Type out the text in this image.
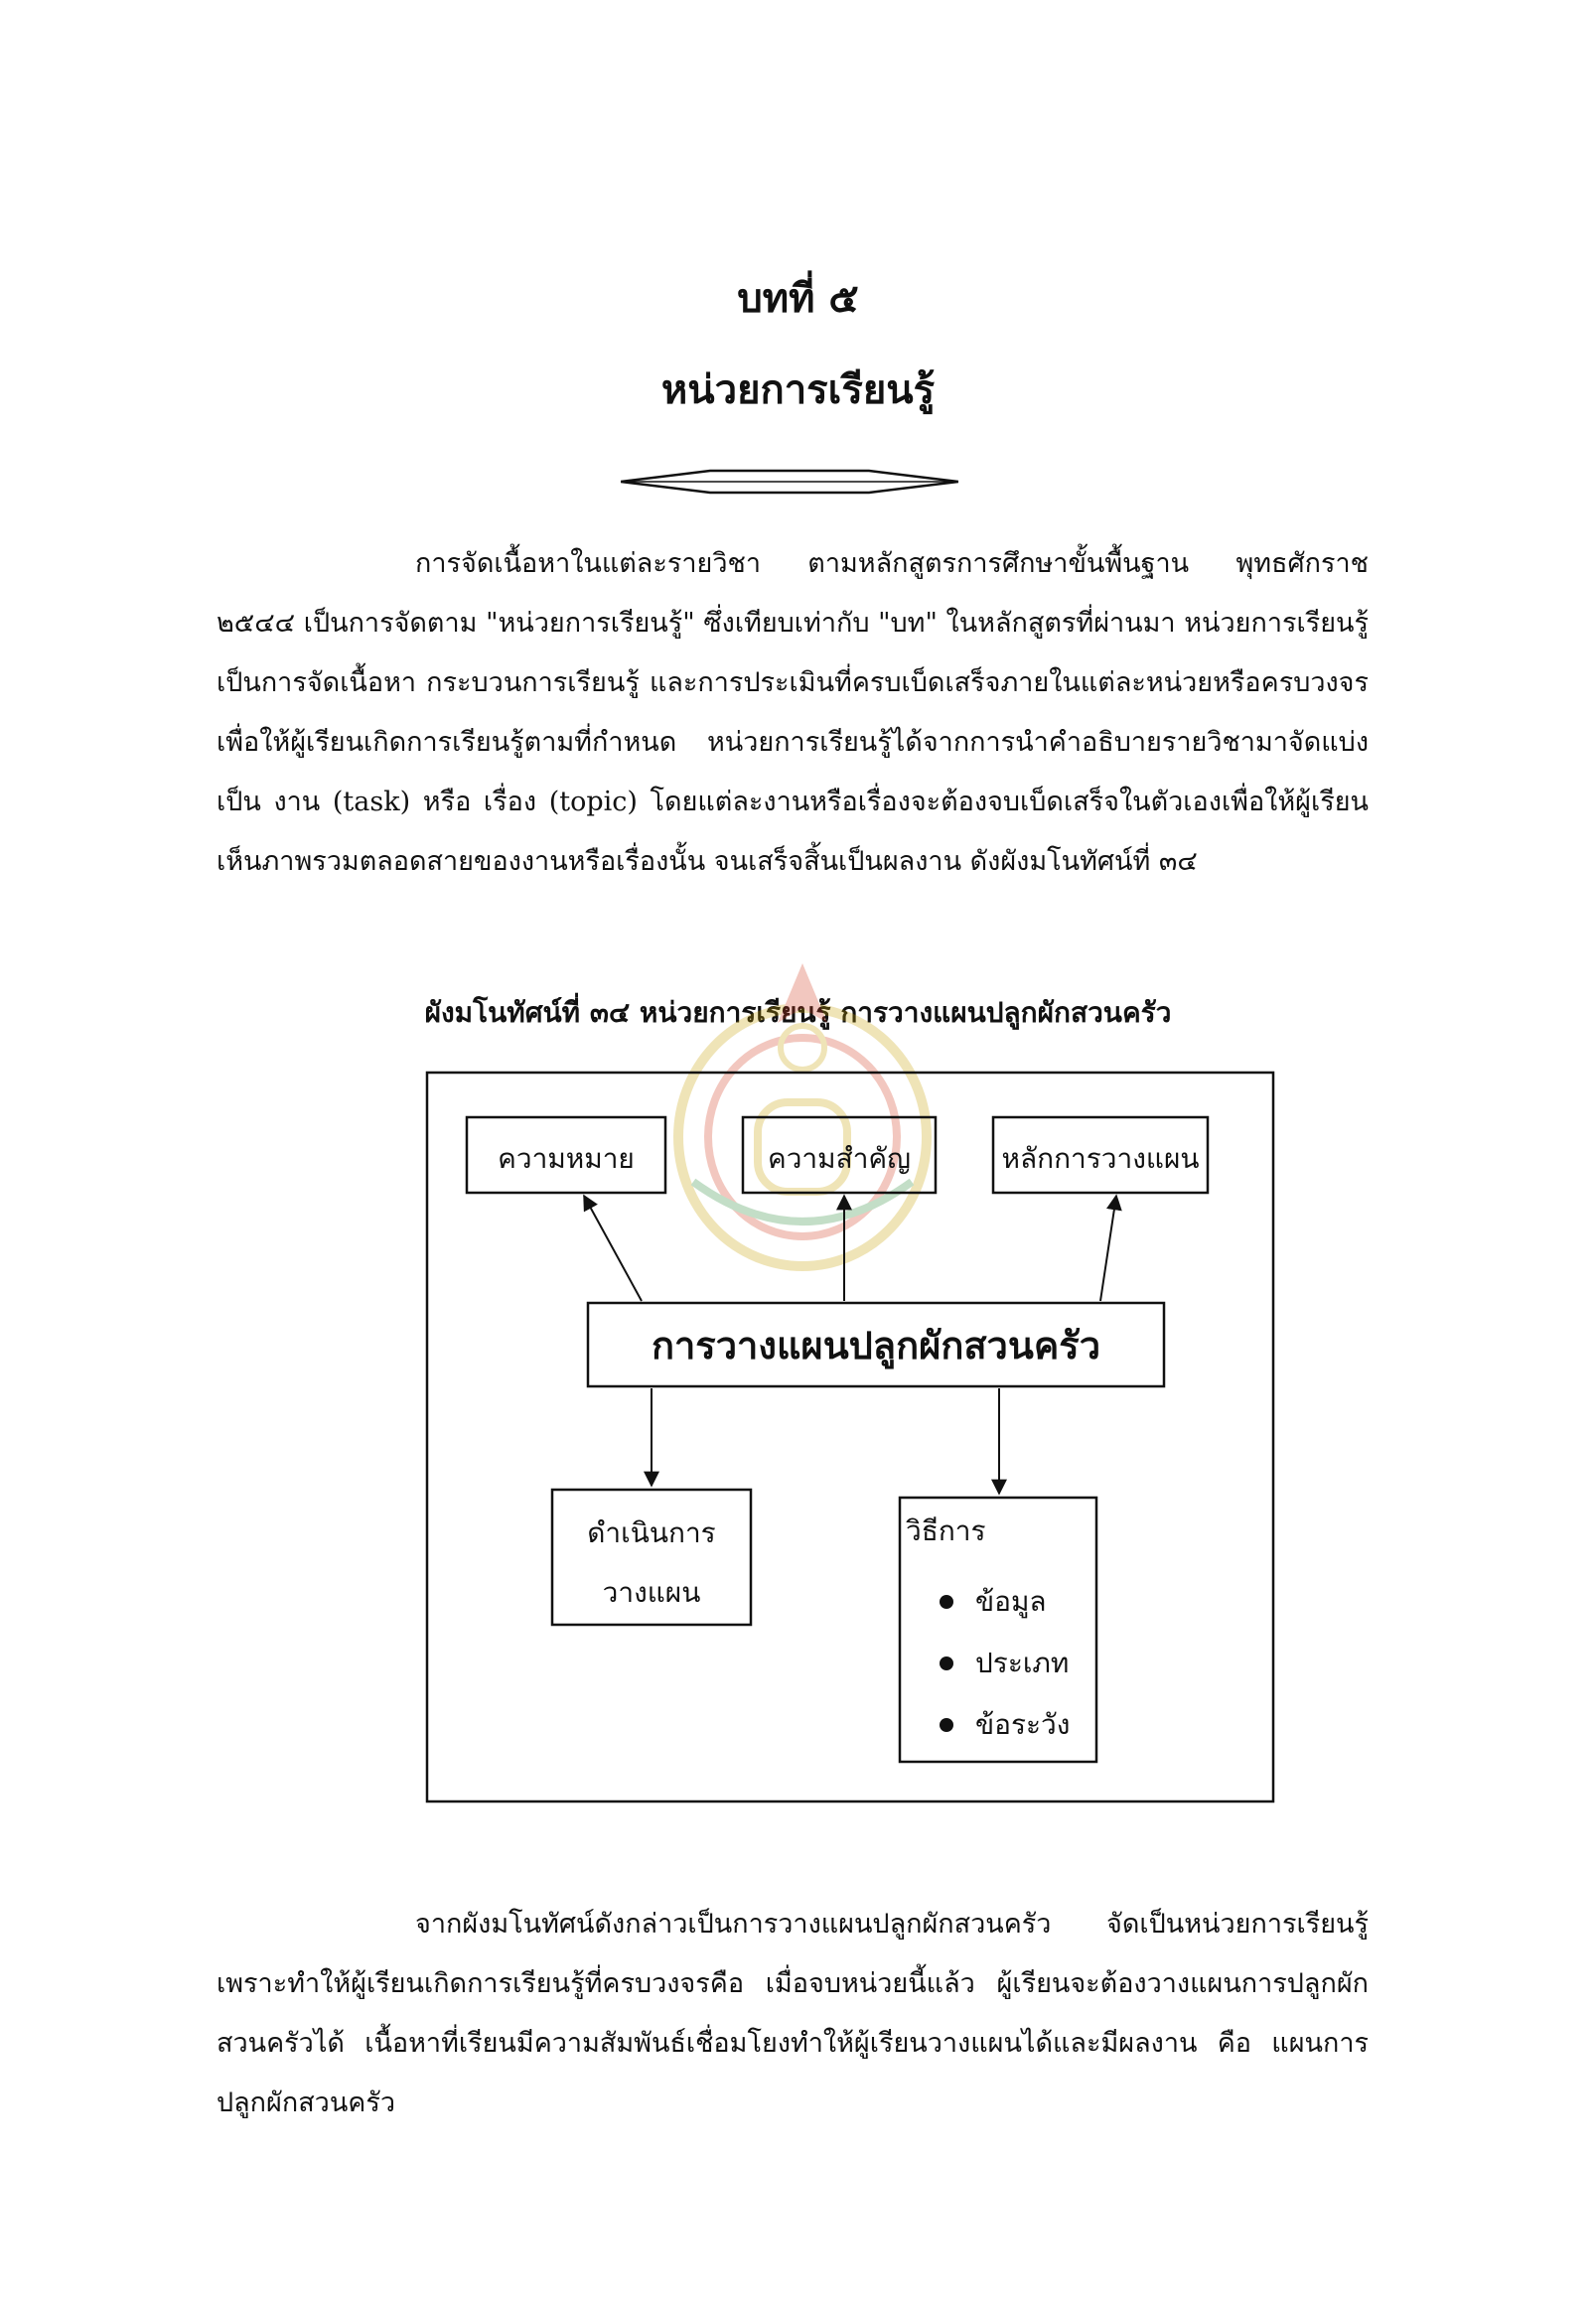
บทที่ ๕
หน่วยการเรียนรู้

การจัดเนื้อหาในแต่ละรายวิชา ตามหลักสูตรการศึกษาขั้นพื้นฐาน พุทธศักราช ๒๕๔๔ เป็นการจัดตาม "หน่วยการเรียนรู้" ซึ่งเทียบเท่ากับ "บท" ในหลักสูตรที่ผ่านมา หน่วยการเรียนรู้เป็นการจัดเนื้อหา กระบวนการเรียนรู้ และการประเมินที่ครบเบ็ดเสร็จภายในแต่ละหน่วยหรือครบวงจรเพื่อให้ผู้เรียนเกิดการเรียนรู้ตามที่กำหนด หน่วยการเรียนรู้ได้จากการนำคำอธิบายรายวิชามาจัดแบ่งเป็น งาน (task) หรือ เรื่อง (topic) โดยแต่ละงานหรือเรื่องจะต้องจบเบ็ดเสร็จในตัวเองเพื่อให้ผู้เรียนเห็นภาพรวมตลอดสายของงานหรือเรื่องนั้น จนเสร็จสิ้นเป็นผลงาน ดังผังมโนทัศน์ที่ ๓๔

ผังมโนทัศน์ที่ ๓๔ หน่วยการเรียนรู้ การวางแผนปลูกผักสวนครัว
ความหมาย	ความสำคัญ	หลักการวางแผน
การวางแผนปลูกผักสวนครัว
ดำเนินการ
วางแผน
วิธีการ
ข้อมูล
ประเภท
ข้อระวัง

จากผังมโนทัศน์ดังกล่าวเป็นการวางแผนปลูกผักสวนครัว จัดเป็นหน่วยการเรียนรู้ เพราะทำให้ผู้เรียนเกิดการเรียนรู้ที่ครบวงจรคือ เมื่อจบหน่วยนี้แล้ว ผู้เรียนจะต้องวางแผนการปลูกผักสวนครัวได้ เนื้อหาที่เรียนมีความสัมพันธ์เชื่อมโยงทำให้ผู้เรียนวางแผนได้และมีผลงาน คือ แผนการปลูกผักสวนครัว
